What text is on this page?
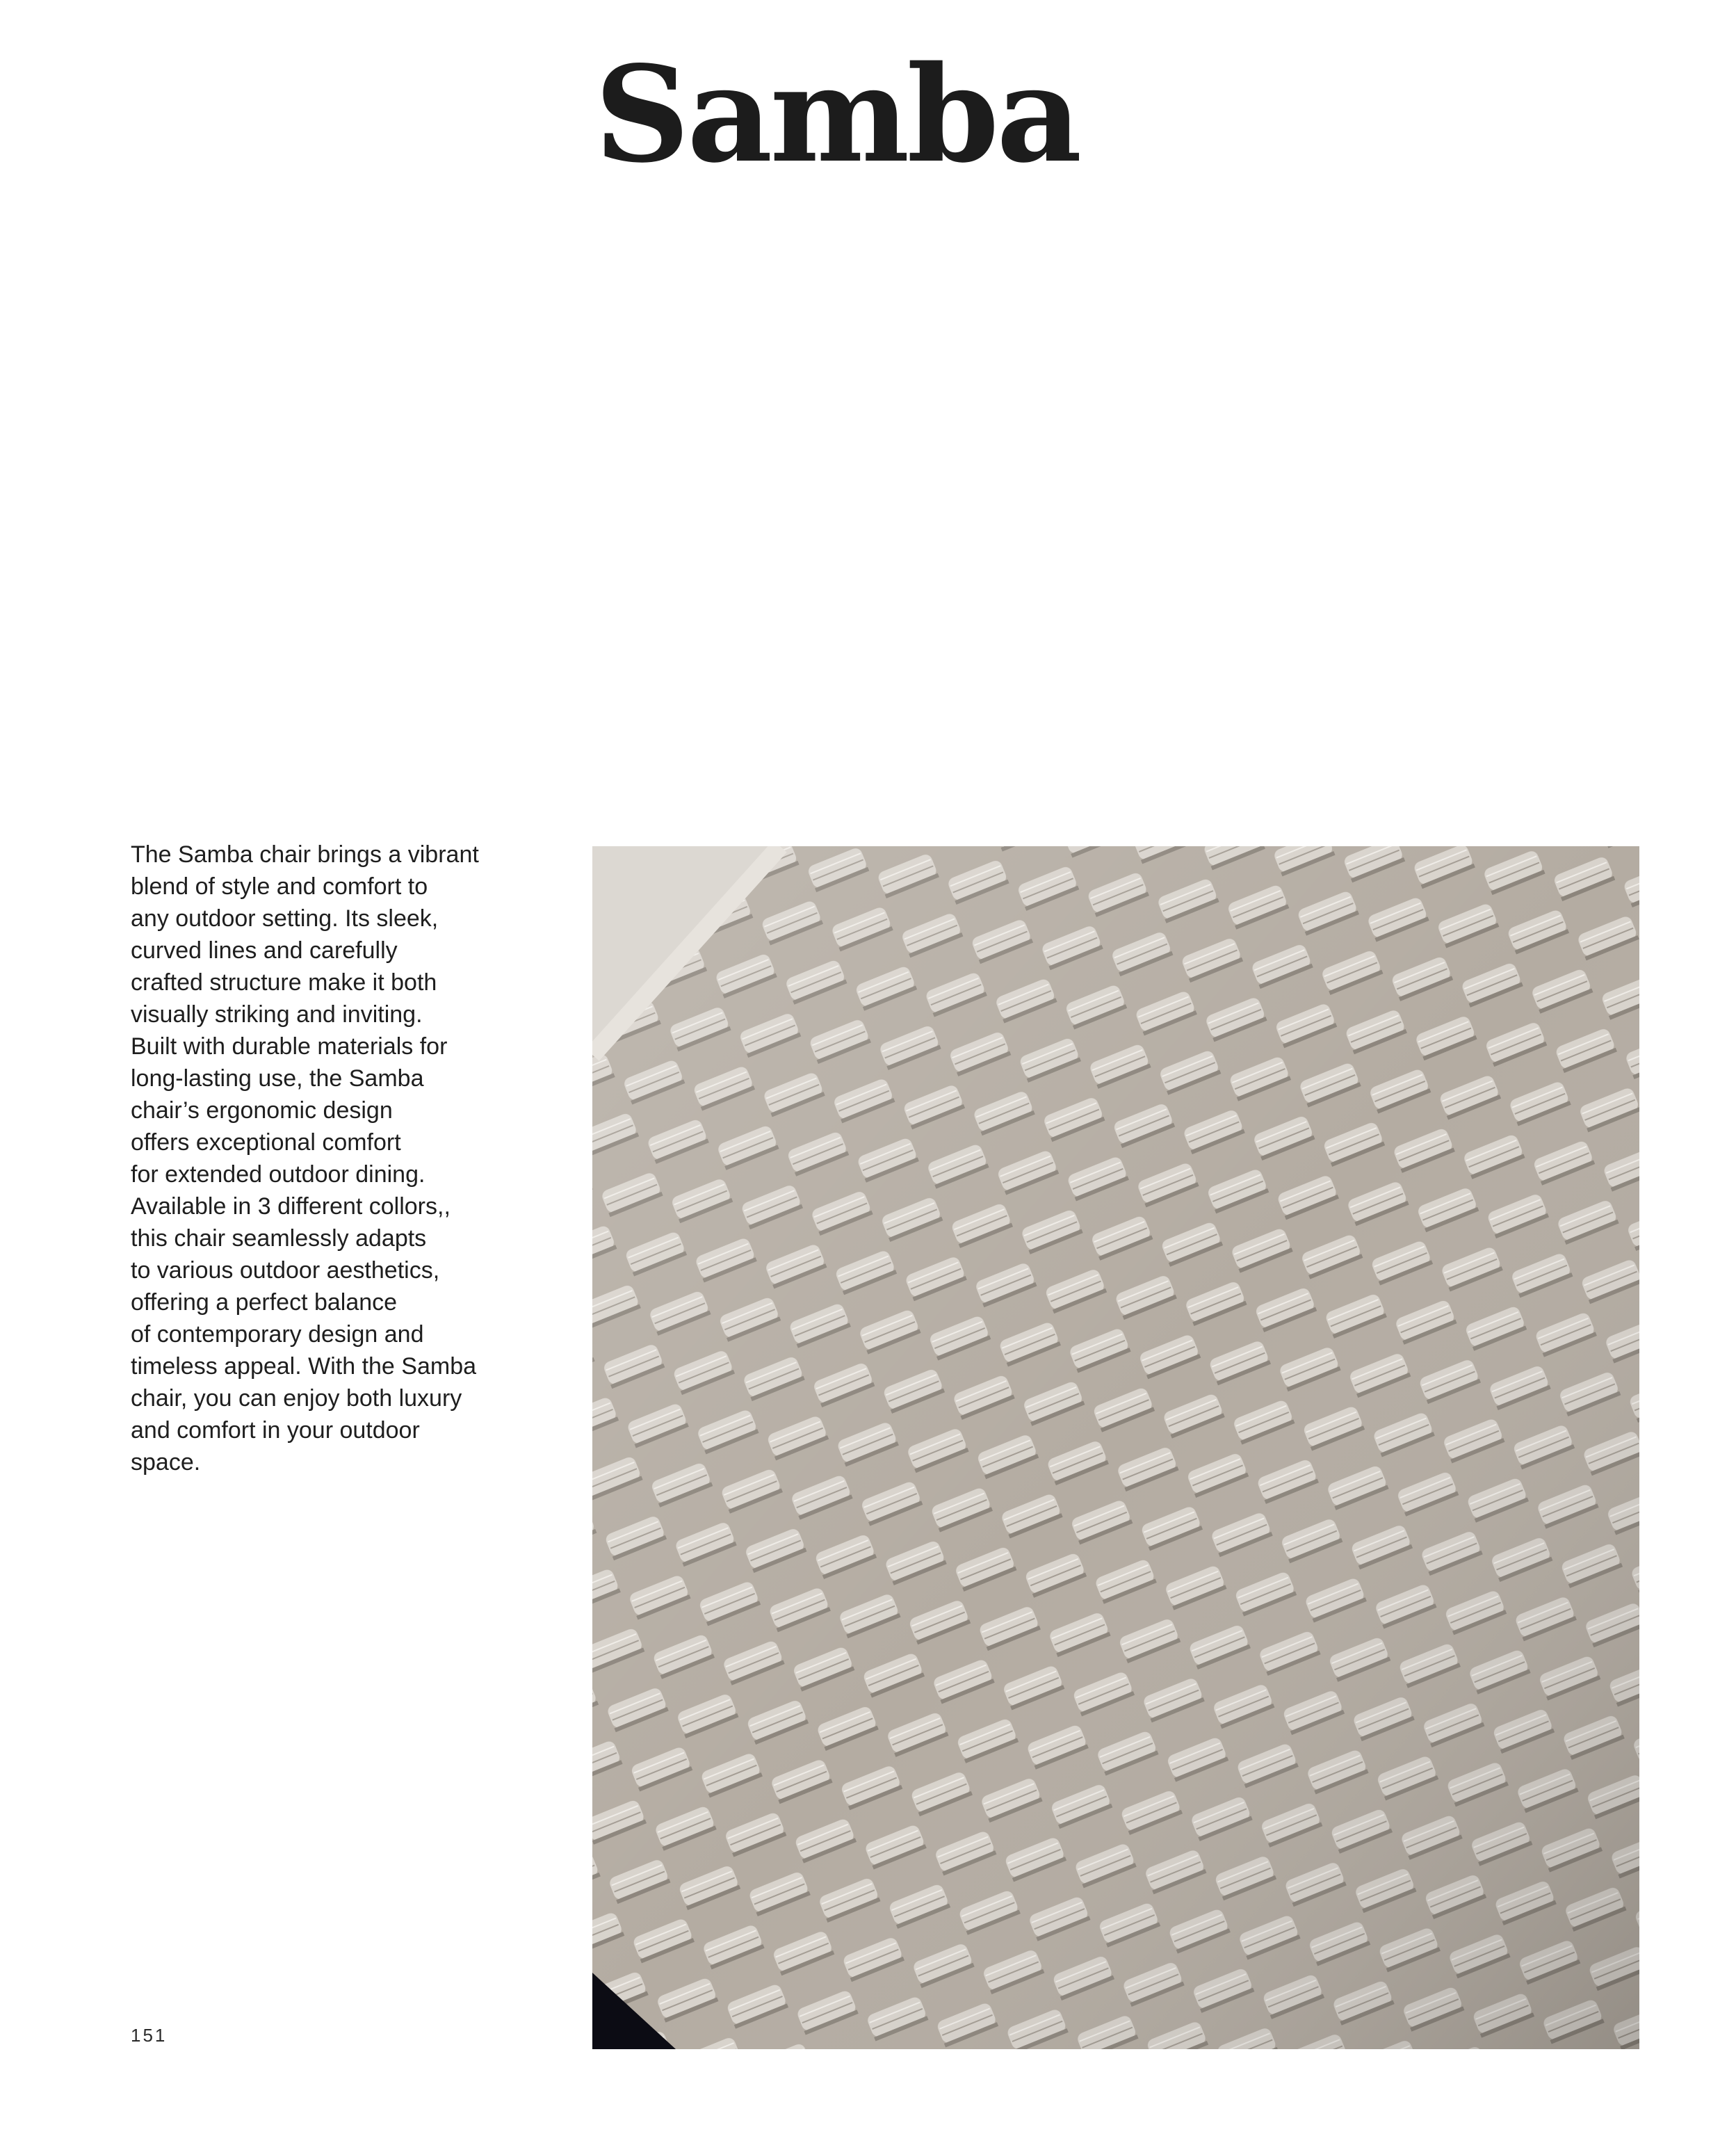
Samba

The Samba chair brings a vibrant
blend of style and comfort to
any outdoor setting. Its sleek,
curved lines and carefully
crafted structure make it both
visually striking and inviting.
Built with durable materials for
long-lasting use, the Samba
chair’s ergonomic design
offers exceptional comfort
for extended outdoor dining.
Available in 3 different collors,,
this chair seamlessly adapts
to various outdoor aesthetics,
offering a perfect balance
of contemporary design and
timeless appeal. With the Samba
chair, you can enjoy both luxury
and comfort in your outdoor
space.

151
